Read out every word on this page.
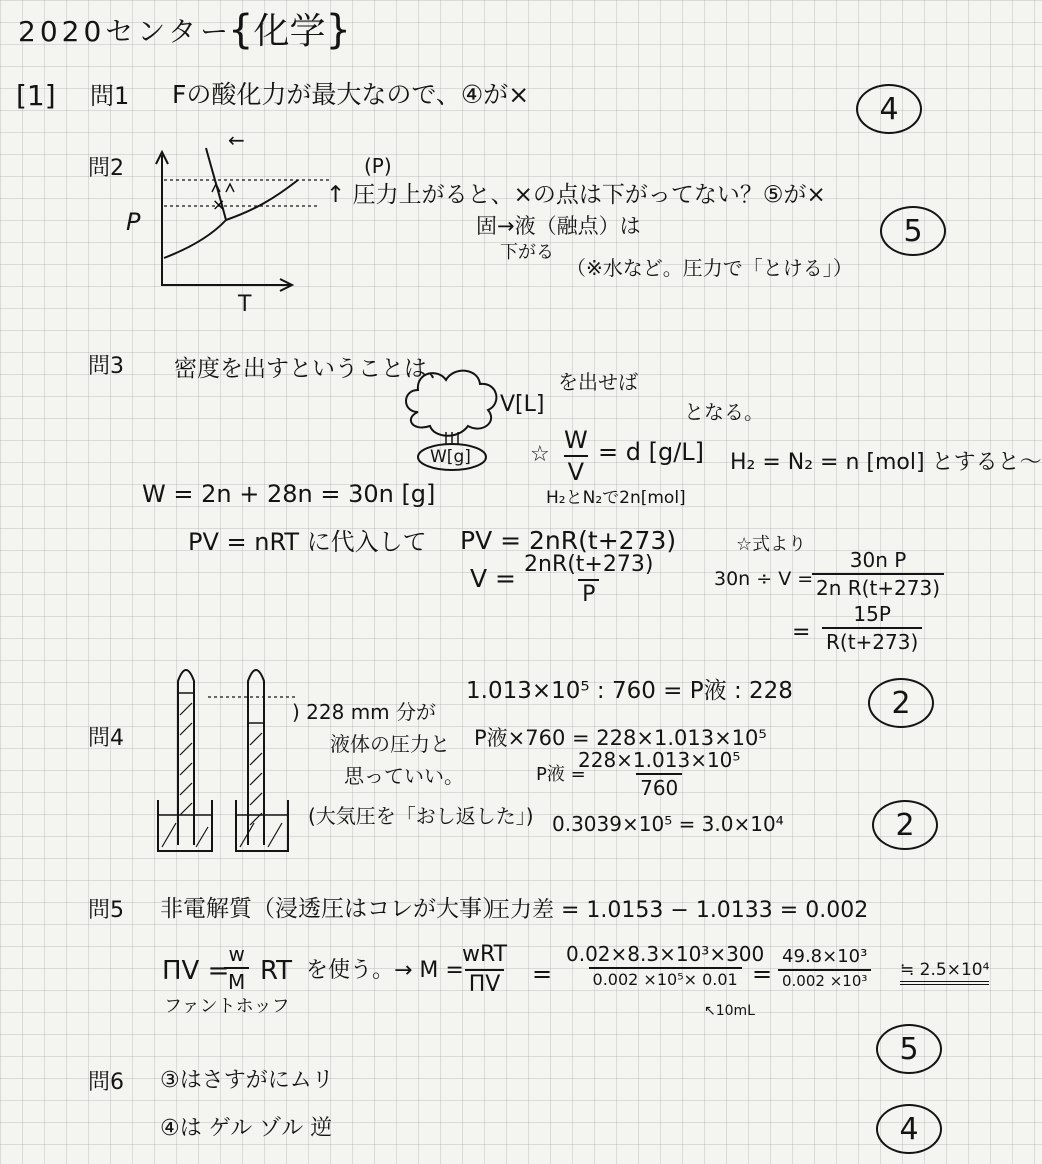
2020センター
{化学}
[1] 問1 Fの酸化力が最大なので、④が×	4
問2
×
P
T
←
(P)
↑ 圧力上がると、×の点は下がってない？⑤が×
固→液（融点）は
下がる
（※水など。圧力で「とける」）
5
問3 密度を出すということは、
V[L]
W[g]
を出せば
となる。
☆ $\frac{W}{V} = d$ [g/L] H₂ = N₂ = n [mol] とすると～
W = 2n + 28n = 30n [g]	H₂とN₂で2n[mol]
PV = nRT に代入して PV = 2nR(t+273)
$V = \frac{2nR(t+273)}{P}$
☆式より
30n ÷ V =
$\frac{\text{30n P}}{\text{2n R(t+273)}}$
= $\frac{15P}{R(t+273)}$
問4
) 228 mm 分が
液体の圧力と
思っていい。
(大気圧を「おし返した」)
1.013×10⁵ : 760 = P液 : 228
P液×760 = 228×1.013×10⁵
P液 =
$\frac{\text{228×1.013×10⁵}}{760}$
0.3039×10⁵ = 3.0×10⁴
2
2
問5 非電解質（浸透圧はコレが大事）
圧力差 = 1.0153 − 1.0133 = 0.002
ΠV =
$\frac{w}{M}$ RT を使う。→ M =
wRT
ΠV =
0.02×8.3×10³×300
0.002 ×10⁵× 0.01 =
49.8×10³
0.002 ×10³
≒ 2.5×10⁴
ファントホッフ	↖10mL
5
問6 ③はさすがにムリ
④は ゲル ゾル 逆	4
